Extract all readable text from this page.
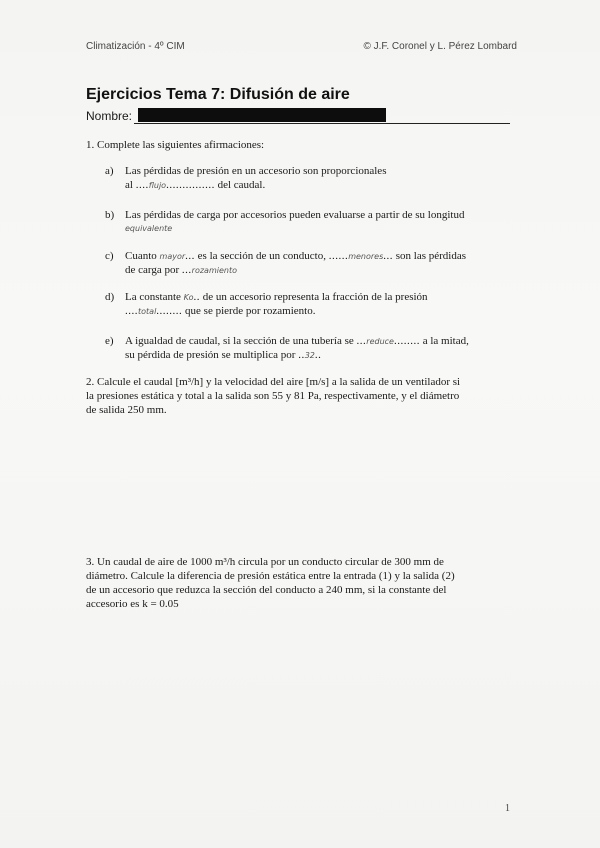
Climatización - 4º CIM	© J.F. Coronel y L. Pérez Lombard
Ejercicios Tema 7: Difusión de aire
Nombre:
1. Complete las siguientes afirmaciones:
a) Las pérdidas de presión en un accesorio son proporcionales
al ....flujo............... del caudal.
b) Las pérdidas de carga por accesorios pueden evaluarse a partir de su longitud
equivalente
c) Cuanto mayor... es la sección de un conducto, ......menores... son las pérdidas
de carga por ...rozamiento
d) La constante Ko.. de un accesorio representa la fracción de la presión
....total........ que se pierde por rozamiento.
e) A igualdad de caudal, si la sección de una tubería se ...reduce........ a la mitad,
su pérdida de presión se multiplica por ..32..
2. Calcule el caudal [m³/h] y la velocidad del aire [m/s] a la salida de un ventilador si
la presiones estática y total a la salida son 55 y 81 Pa, respectivamente, y el diámetro
de salida 250 mm.
3. Un caudal de aire de 1000 m³/h circula por un conducto circular de 300 mm de
diámetro. Calcule la diferencia de presión estática entre la entrada (1) y la salida (2)
de un accesorio que reduzca la sección del conducto a 240 mm, si la constante del
accesorio es k = 0.05
1
